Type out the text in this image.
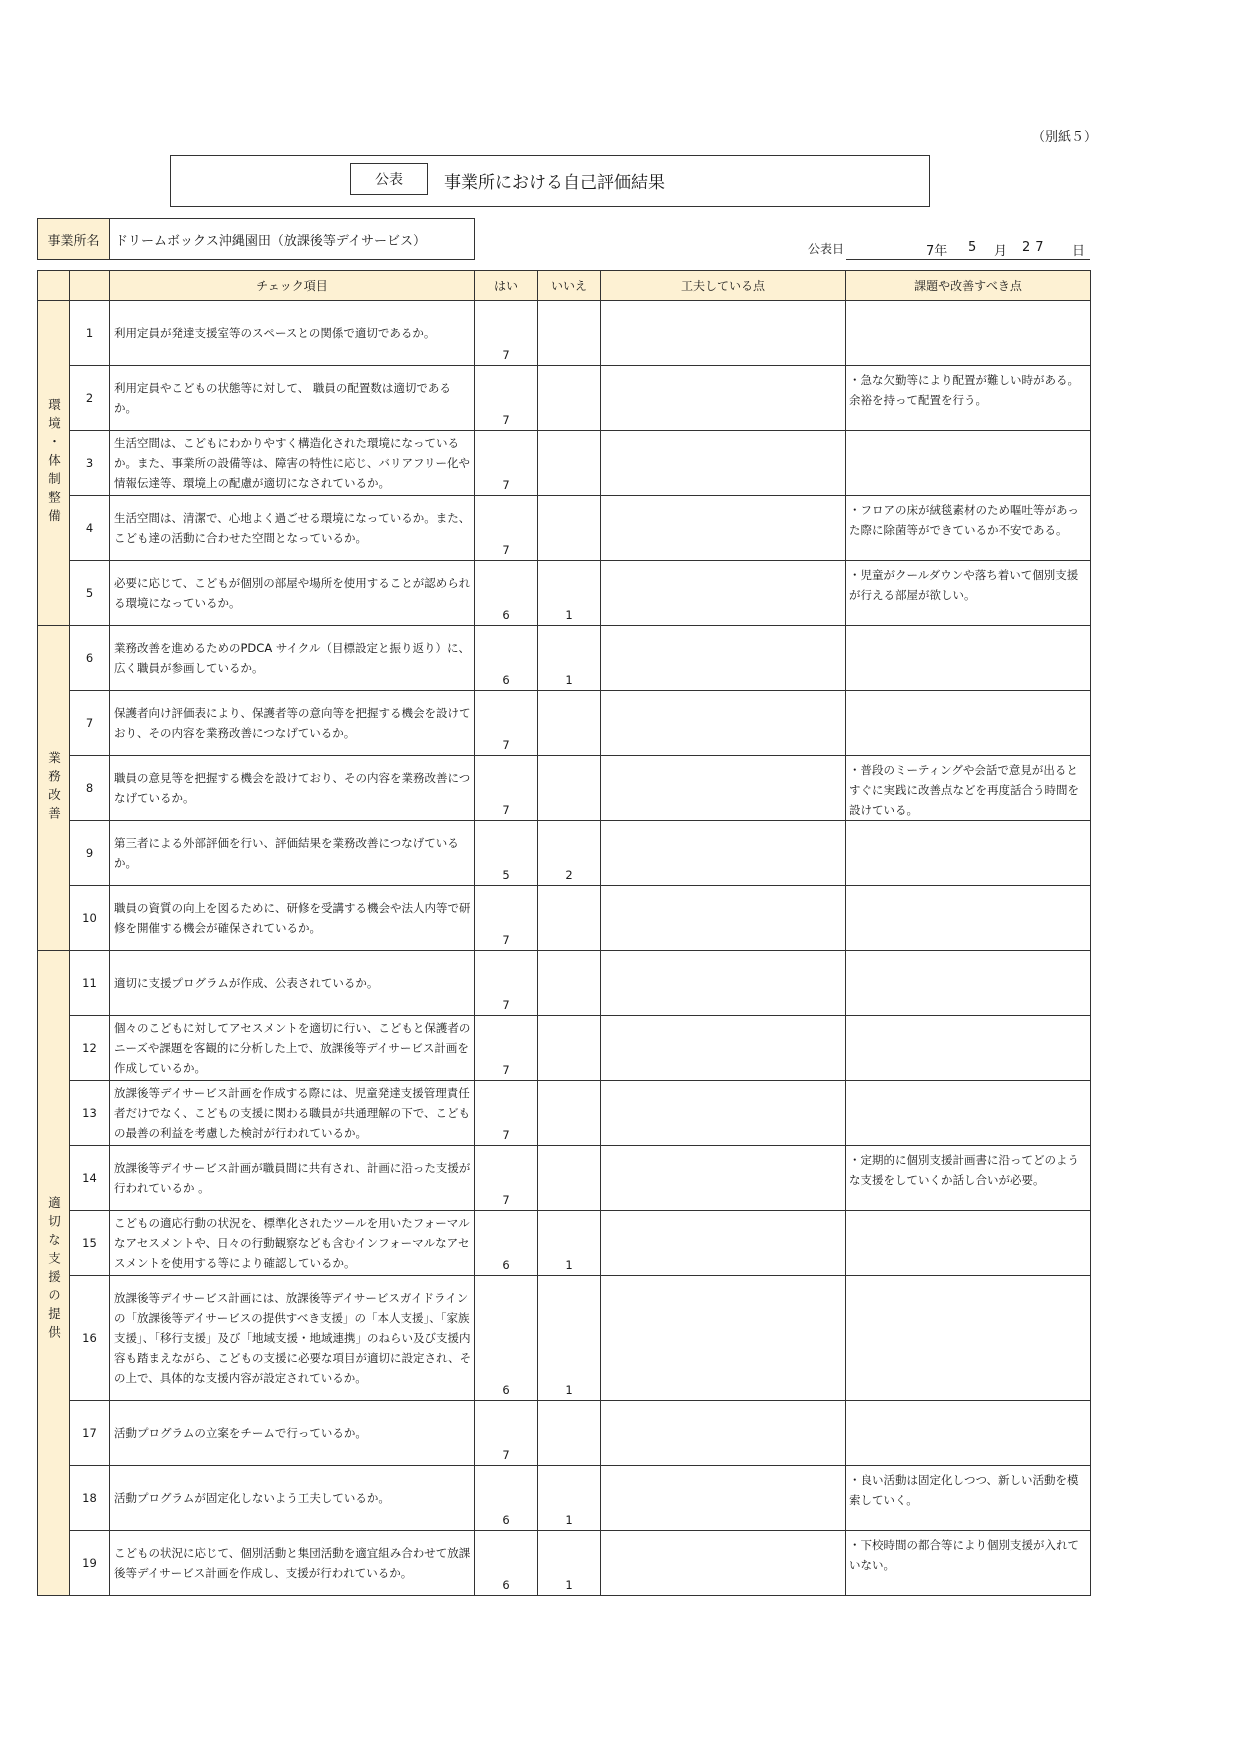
（別紙５）
公表	事業所における自己評価結果
事業所名	ドリームボックス沖縄園田（放課後等デイサービス）
公表日	7年 5 月 27 日
		チェック項目	はい	いいえ	工夫している点	課題や改善すべき点

環境・体制整備	1	利用定員が発達支援室等のスペースとの関係で適切であるか。	7			
	2	利用定員やこどもの状態等に対して、 職員の配置数は適切であるか。	7			・急な欠勤等により配置が難しい時がある。余裕を持って配置を行う。
	3	生活空間は、こどもにわかりやすく構造化された環境になっているか。また、事業所の設備等は、障害の特性に応じ、バリアフリー化や情報伝達等、環境上の配慮が適切になされているか。	7			
	4	生活空間は、清潔で、心地よく過ごせる環境になっているか。また、こども達の活動に合わせた空間となっているか。	7			・フロアの床が絨毯素材のため嘔吐等があった際に除菌等ができているか不安である。
	5	必要に応じて、こどもが個別の部屋や場所を使用することが認められる環境になっているか。	6	1		・児童がクールダウンや落ち着いて個別支援が行える部屋が欲しい。

業務改善	6	業務改善を進めるためのPDCA サイクル（目標設定と振り返り）に、広く職員が参画しているか。	6	1		
	7	保護者向け評価表により、保護者等の意向等を把握する機会を設けており、その内容を業務改善につなげているか。	7			
	8	職員の意見等を把握する機会を設けており、その内容を業務改善につなげているか。	7			・普段のミーティングや会話で意見が出るとすぐに実践に改善点などを再度話合う時間を設けている。
	9	第三者による外部評価を行い、評価結果を業務改善につなげているか。	5	2		
	10	職員の資質の向上を図るために、研修を受講する機会や法人内等で研修を開催する機会が確保されているか。	7			

適切な支援の提供	11	適切に支援プログラムが作成、公表されているか。	7			
	12	個々のこどもに対してアセスメントを適切に行い、こどもと保護者のニーズや課題を客観的に分析した上で、放課後等デイサービス計画を作成しているか。	7			
	13	放課後等デイサービス計画を作成する際には、児童発達支援管理責任者だけでなく、こどもの支援に関わる職員が共通理解の下で、こどもの最善の利益を考慮した検討が行われているか。	7			
	14	放課後等デイサービス計画が職員間に共有され、計画に沿った支援が行われているか 。	7			・定期的に個別支援計画書に沿ってどのような支援をしていくか話し合いが必要。
	15	こどもの適応行動の状況を、標準化されたツールを用いたフォーマルなアセスメントや、日々の行動観察なども含むインフォーマルなアセスメントを使用する等により確認しているか。	6	1		
	16	放課後等デイサービス計画には、放課後等デイサービスガイドラインの「放課後等デイサービスの提供すべき支援」の「本人支援」、「家族支援」、「移行支援」及び「地域支援・地域連携」のねらい及び支援内容も踏まえながら、こどもの支援に必要な項目が適切に設定され、その上で、具体的な支援内容が設定されているか。	6	1		
	17	活動プログラムの立案をチームで行っているか。	7			
	18	活動プログラムが固定化しないよう工夫しているか。	6	1		・良い活動は固定化しつつ、新しい活動を模索していく。
	19	こどもの状況に応じて、個別活動と集団活動を適宜組み合わせて放課後等デイサービス計画を作成し、支援が行われているか。	6	1		・下校時間の都合等により個別支援が入れていない。
